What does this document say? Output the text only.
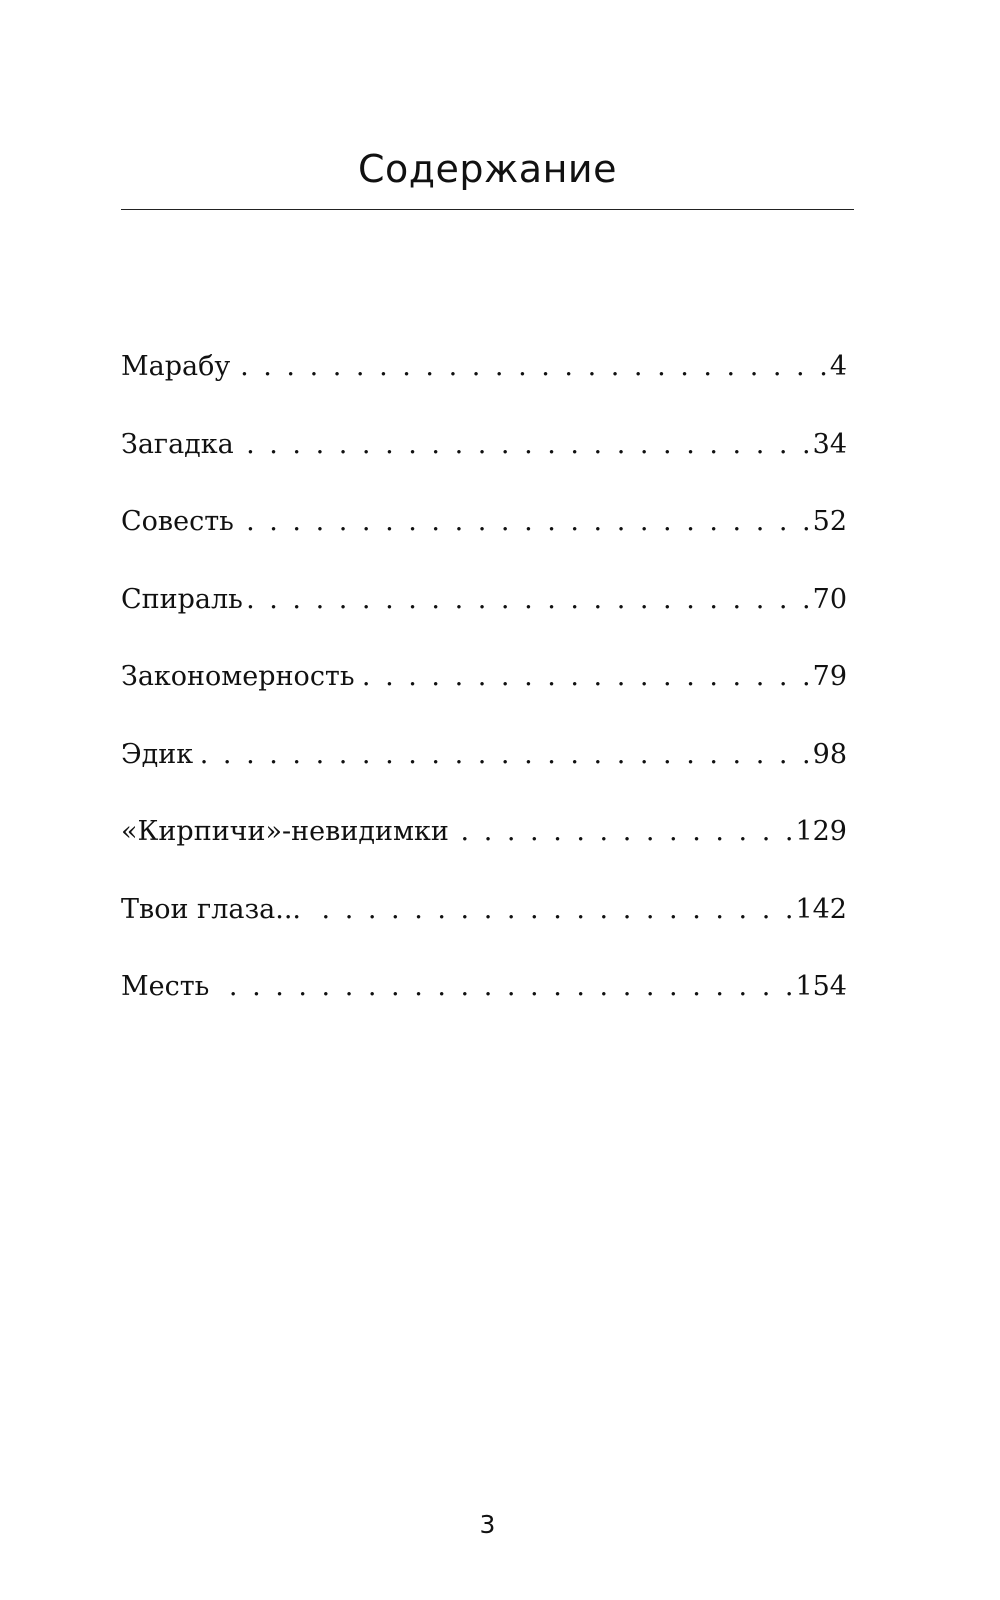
Содержание
Марабу . . .	4
Загадка . . .	34
Совесть . . .	52
Спираль . . .	70
Закономерность . . .	79
Эдик . . .	98
«Кирпичи»-невидимки . . .	129
Твои глаза... . . .	142
Месть . . .	154
3
